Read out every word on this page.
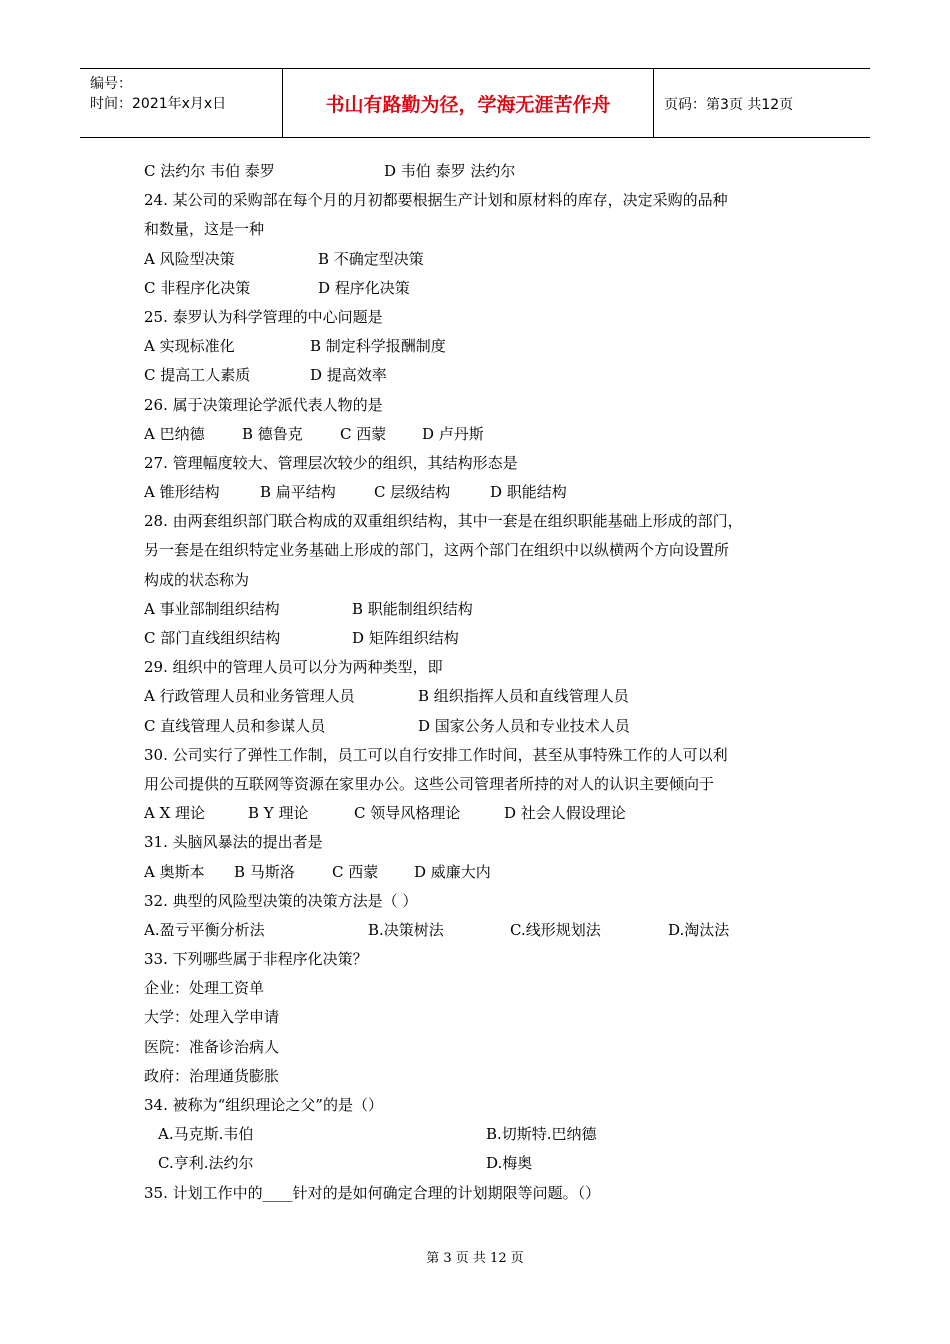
编号：
时间：2021年x月x日	书山有路勤为径，学海无涯苦作舟	页码：第3页 共12页
C 法约尔 韦伯 泰罗	D 韦伯 泰罗 法约尔
24. 某公司的采购部在每个月的月初都要根据生产计划和原材料的库存，决定采购的品种
和数量，这是一种
A 风险型决策	B 不确定型决策
C 非程序化决策	D 程序化决策
25. 泰罗认为科学管理的中心问题是
A 实现标准化	B 制定科学报酬制度
C 提高工人素质	D 提高效率
26. 属于决策理论学派代表人物的是
A 巴纳德 B 德鲁克 C 西蒙 D 卢丹斯
27. 管理幅度较大、管理层次较少的组织，其结构形态是
A 锥形结构	B 扁平结构	C 层级结构	D 职能结构
28. 由两套组织部门联合构成的双重组织结构，其中一套是在组织职能基础上形成的部门，
另一套是在组织特定业务基础上形成的部门，这两个部门在组织中以纵横两个方向设置所
构成的状态称为
A 事业部制组织结构	B 职能制组织结构
C 部门直线组织结构	D 矩阵组织结构
29. 组织中的管理人员可以分为两种类型，即
A 行政管理人员和业务管理人员	B 组织指挥人员和直线管理人员
C 直线管理人员和参谋人员	D 国家公务人员和专业技术人员
30. 公司实行了弹性工作制，员工可以自行安排工作时间，甚至从事特殊工作的人可以利
用公司提供的互联网等资源在家里办公。这些公司管理者所持的对人的认识主要倾向于
A X 理论	B Y 理论	C 领导风格理论	D 社会人假设理论
31. 头脑风暴法的提出者是
A 奥斯本 B 马斯洛 C 西蒙 D 威廉大内
32. 典型的风险型决策的决策方法是（ ）
A.盈亏平衡分析法	B.决策树法	C.线形规划法	D.淘汰法
33. 下列哪些属于非程序化决策？
企业：处理工资单
大学：处理入学申请
医院：准备诊治病人
政府：治理通货膨胀
34. 被称为“组织理论之父”的是（）
A.马克斯.韦伯	B.切斯特.巴纳德
C.亨利.法约尔	D.梅奥
35. 计划工作中的____针对的是如何确定合理的计划期限等问题。（）
第 3 页 共 12 页
